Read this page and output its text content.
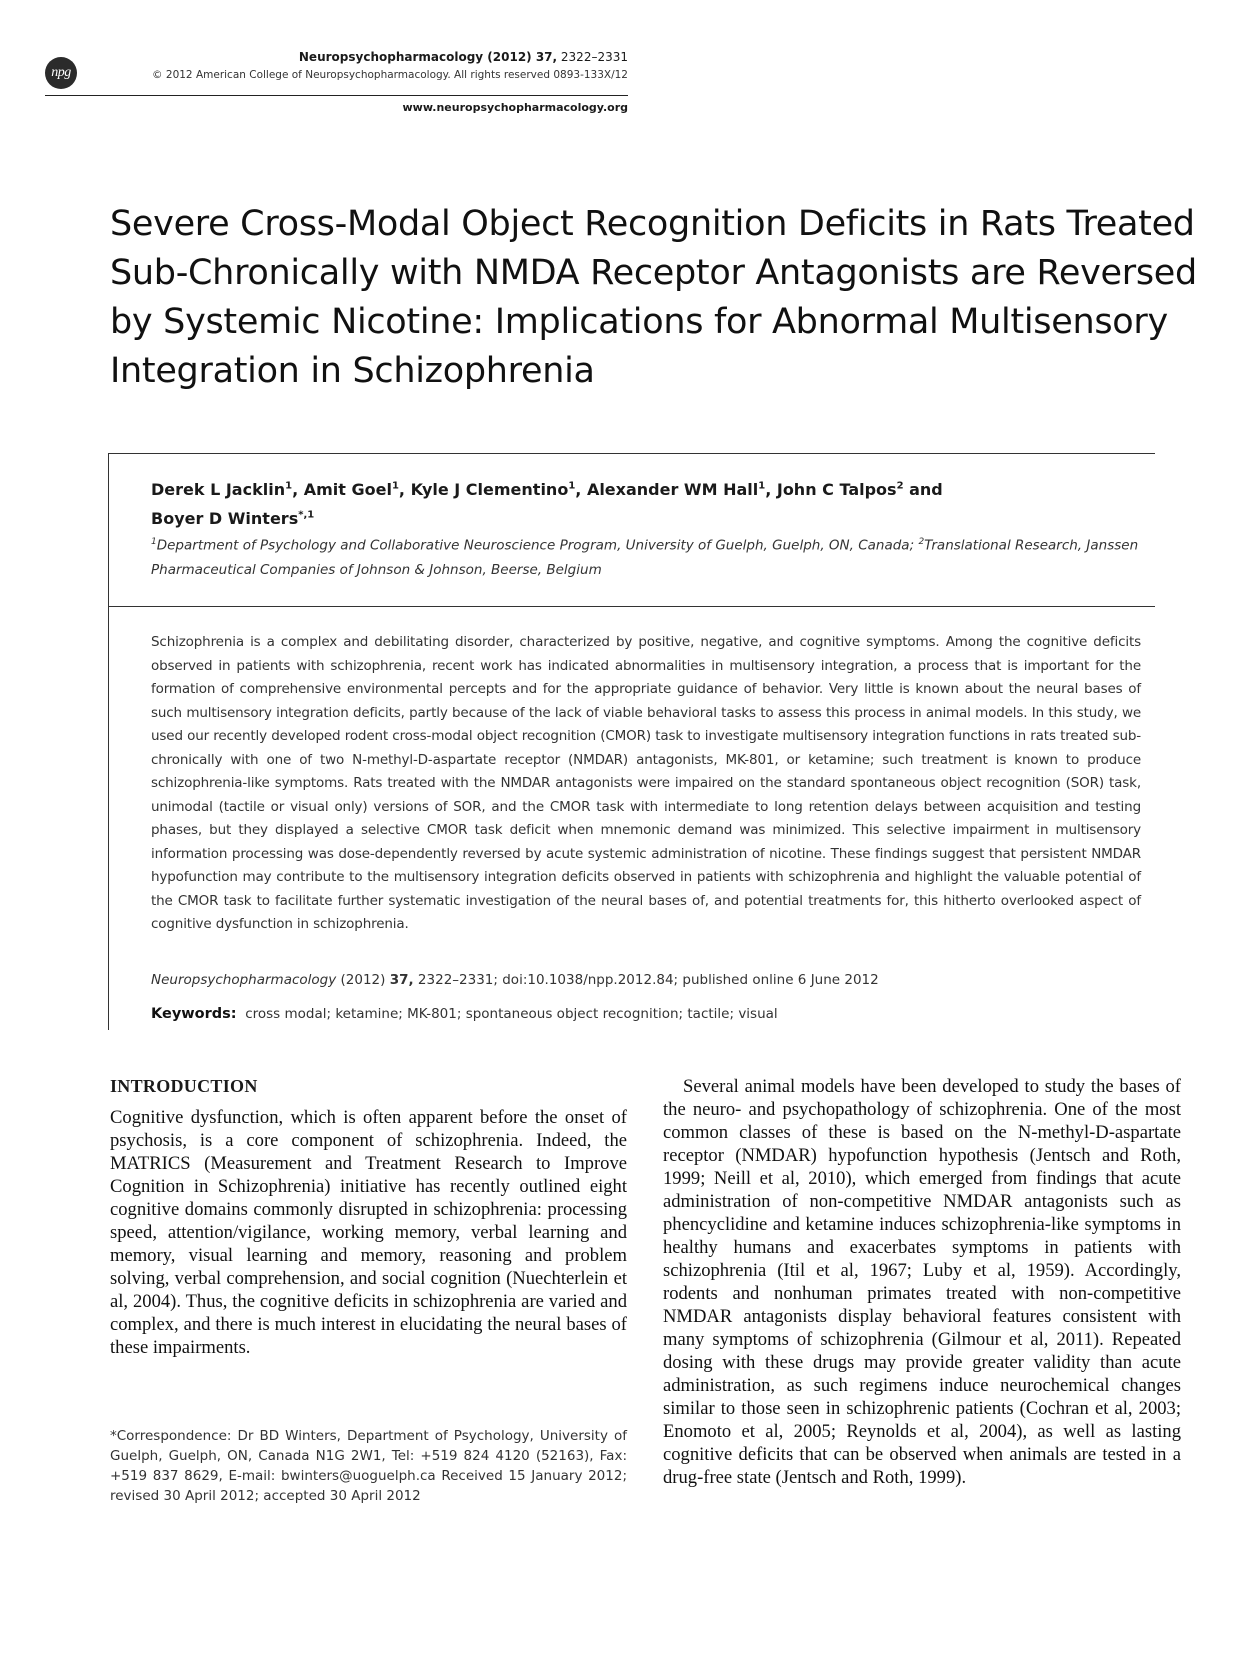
npg
Neuropsychopharmacology (2012) 37, 2322–2331
© 2012 American College of Neuropsychopharmacology. All rights reserved 0893-133X/12
www.neuropsychopharmacology.org
Severe Cross-Modal Object Recognition Deficits in Rats Treated Sub-Chronically with NMDA Receptor Antagonists are Reversed by Systemic Nicotine: Implications for Abnormal Multisensory Integration in Schizophrenia
Derek L Jacklin$^1$, Amit Goel$^1$, Kyle J Clementino$^1$, Alexander WM Hall$^1$, John C Talpos$^2$ and
Boyer D Winters$^{*,1}$
$^1$Department of Psychology and Collaborative Neuroscience Program, University of Guelph, Guelph, ON, Canada; $^2$Translational Research, Janssen Pharmaceutical Companies of Johnson & Johnson, Beerse, Belgium

Schizophrenia is a complex and debilitating disorder, characterized by positive, negative, and cognitive symptoms. Among the cognitive deficits observed in patients with schizophrenia, recent work has indicated abnormalities in multisensory integration, a process that is important for the formation of comprehensive environmental percepts and for the appropriate guidance of behavior. Very little is known about the neural bases of such multisensory integration deficits, partly because of the lack of viable behavioral tasks to assess this process in animal models. In this study, we used our recently developed rodent cross-modal object recognition (CMOR) task to investigate multisensory integration functions in rats treated sub-chronically with one of two N-methyl-D-aspartate receptor (NMDAR) antagonists, MK-801, or ketamine; such treatment is known to produce schizophrenia-like symptoms. Rats treated with the NMDAR antagonists were impaired on the standard spontaneous object recognition (SOR) task, unimodal (tactile or visual only) versions of SOR, and the CMOR task with intermediate to long retention delays between acquisition and testing phases, but they displayed a selective CMOR task deficit when mnemonic demand was minimized. This selective impairment in multisensory information processing was dose-dependently reversed by acute systemic administration of nicotine. These findings suggest that persistent NMDAR hypofunction may contribute to the multisensory integration deficits observed in patients with schizophrenia and highlight the valuable potential of the CMOR task to facilitate further systematic investigation of the neural bases of, and potential treatments for, this hitherto overlooked aspect of cognitive dysfunction in schizophrenia.

Neuropsychopharmacology (2012) 37, 2322–2331; doi:10.1038/npp.2012.84; published online 6 June 2012
Keywords: cross modal; ketamine; MK-801; spontaneous object recognition; tactile; visual
INTRODUCTION

Cognitive dysfunction, which is often apparent before the onset of psychosis, is a core component of schizophrenia. Indeed, the MATRICS (Measurement and Treatment Research to Improve Cognition in Schizophrenia) initiative has recently outlined eight cognitive domains commonly disrupted in schizophrenia: processing speed, attention/vigilance, working memory, verbal learning and memory, visual learning and memory, reasoning and problem solving, verbal comprehension, and social cognition (Nuechterlein et al, 2004). Thus, the cognitive deficits in schizophrenia are varied and complex, and there is much interest in elucidating the neural bases of these impairments.

*Correspondence: Dr BD Winters, Department of Psychology, University of Guelph, Guelph, ON, Canada N1G 2W1, Tel: +519 824 4120 (52163), Fax: +519 837 8629, E-mail: bwinters@uoguelph.ca Received 15 January 2012; revised 30 April 2012; accepted 30 April 2012

Several animal models have been developed to study the bases of the neuro- and psychopathology of schizophrenia. One of the most common classes of these is based on the N-methyl-D-aspartate receptor (NMDAR) hypofunction hypothesis (Jentsch and Roth, 1999; Neill et al, 2010), which emerged from findings that acute administration of non-competitive NMDAR antagonists such as phencyclidine and ketamine induces schizophrenia-like symptoms in healthy humans and exacerbates symptoms in patients with schizophrenia (Itil et al, 1967; Luby et al, 1959). Accordingly, rodents and nonhuman primates treated with non-competitive NMDAR antagonists display behavioral features consistent with many symptoms of schizophrenia (Gilmour et al, 2011). Repeated dosing with these drugs may provide greater validity than acute administration, as such regimens induce neurochemical changes similar to those seen in schizophrenic patients (Cochran et al, 2003; Enomoto et al, 2005; Reynolds et al, 2004), as well as lasting cognitive deficits that can be observed when animals are tested in a drug-free state (Jentsch and Roth, 1999).
